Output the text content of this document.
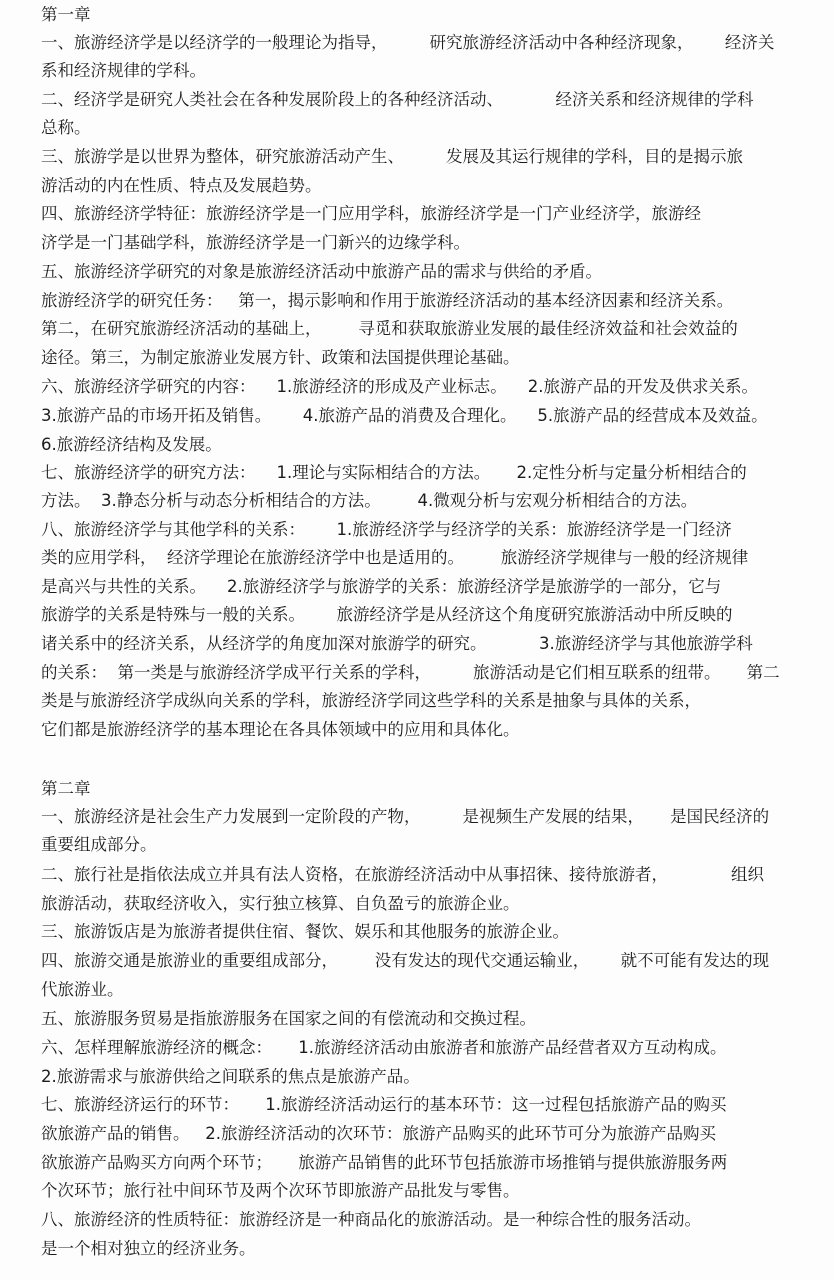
第一章
一、旅游经济学是以经济学的一般理论为指导，        研究旅游经济活动中各种经济现象，      经济关
系和经济规律的学科。
二、经济学是研究人类社会在各种发展阶段上的各种经济活动、          经济关系和经济规律的学科
总称。
三、旅游学是以世界为整体，研究旅游活动产生、        发展及其运行规律的学科，目的是揭示旅
游活动的内在性质、特点及发展趋势。
四、旅游经济学特征：旅游经济学是一门应用学科，旅游经济学是一门产业经济学，旅游经
济学是一门基础学科，旅游经济学是一门新兴的边缘学科。
五、旅游经济学研究的对象是旅游经济活动中旅游产品的需求与供给的矛盾。
旅游经济学的研究任务：   第一，揭示影响和作用于旅游经济活动的基本经济因素和经济关系。
第二，在研究旅游经济活动的基础上，       寻觅和获取旅游业发展的最佳经济效益和社会效益的
途径。第三，为制定旅游业发展方针、政策和法国提供理论基础。
六、旅游经济学研究的内容：    1.旅游经济的形成及产业标志。    2.旅游产品的开发及供求关系。
3.旅游产品的市场开拓及销售。      4.旅游产品的消费及合理化。    5.旅游产品的经营成本及效益。
6.旅游经济结构及发展。
七、旅游经济学的研究方法：    1.理论与实际相结合的方法。     2.定性分析与定量分析相结合的
方法。  3.静态分析与动态分析相结合的方法。       4.微观分析与宏观分析相结合的方法。
八、旅游经济学与其他学科的关系：      1.旅游经济学与经济学的关系：旅游经济学是一门经济
类的应用学科，  经济学理论在旅游经济学中也是适用的。       旅游经济学规律与一般的经济规律
是高兴与共性的关系。    2.旅游经济学与旅游学的关系：旅游经济学是旅游学的一部分，它与
旅游学的关系是特殊与一般的关系。      旅游经济学是从经济这个角度研究旅游活动中所反映的
诸关系中的经济关系，从经济学的角度加深对旅游学的研究。          3.旅游经济学与其他旅游学科
的关系：  第一类是与旅游经济学成平行关系的学科，        旅游活动是它们相互联系的纽带。     第二
类是与旅游经济学成纵向关系的学科，旅游经济学同这些学科的关系是抽象与具体的关系，
它们都是旅游经济学的基本理论在各具体领域中的应用和具体化。
第二章
一、旅游经济是社会生产力发展到一定阶段的产物，        是视频生产发展的结果，     是国民经济的
重要组成部分。
二、旅行社是指依法成立并具有法人资格，在旅游经济活动中从事招徕、接待旅游者，            组织
旅游活动，获取经济收入，实行独立核算、自负盈亏的旅游企业。
三、旅游饭店是为旅游者提供住宿、餐饮、娱乐和其他服务的旅游企业。
四、旅游交通是旅游业的重要组成部分，       没有发达的现代交通运输业，      就不可能有发达的现
代旅游业。
五、旅游服务贸易是指旅游服务在国家之间的有偿流动和交换过程。
六、怎样理解旅游经济的概念：     1.旅游经济活动由旅游者和旅游产品经营者双方互动构成。
2.旅游需求与旅游供给之间联系的焦点是旅游产品。
七、旅游经济运行的环节：     1.旅游经济活动运行的基本环节：这一过程包括旅游产品的购买
欲旅游产品的销售。   2.旅游经济活动的次环节：旅游产品购买的此环节可分为旅游产品购买
欲旅游产品购买方向两个环节；     旅游产品销售的此环节包括旅游市场推销与提供旅游服务两
个次环节；旅行社中间环节及两个次环节即旅游产品批发与零售。
八、旅游经济的性质特征：旅游经济是一种商品化的旅游活动。是一种综合性的服务活动。
是一个相对独立的经济业务。
